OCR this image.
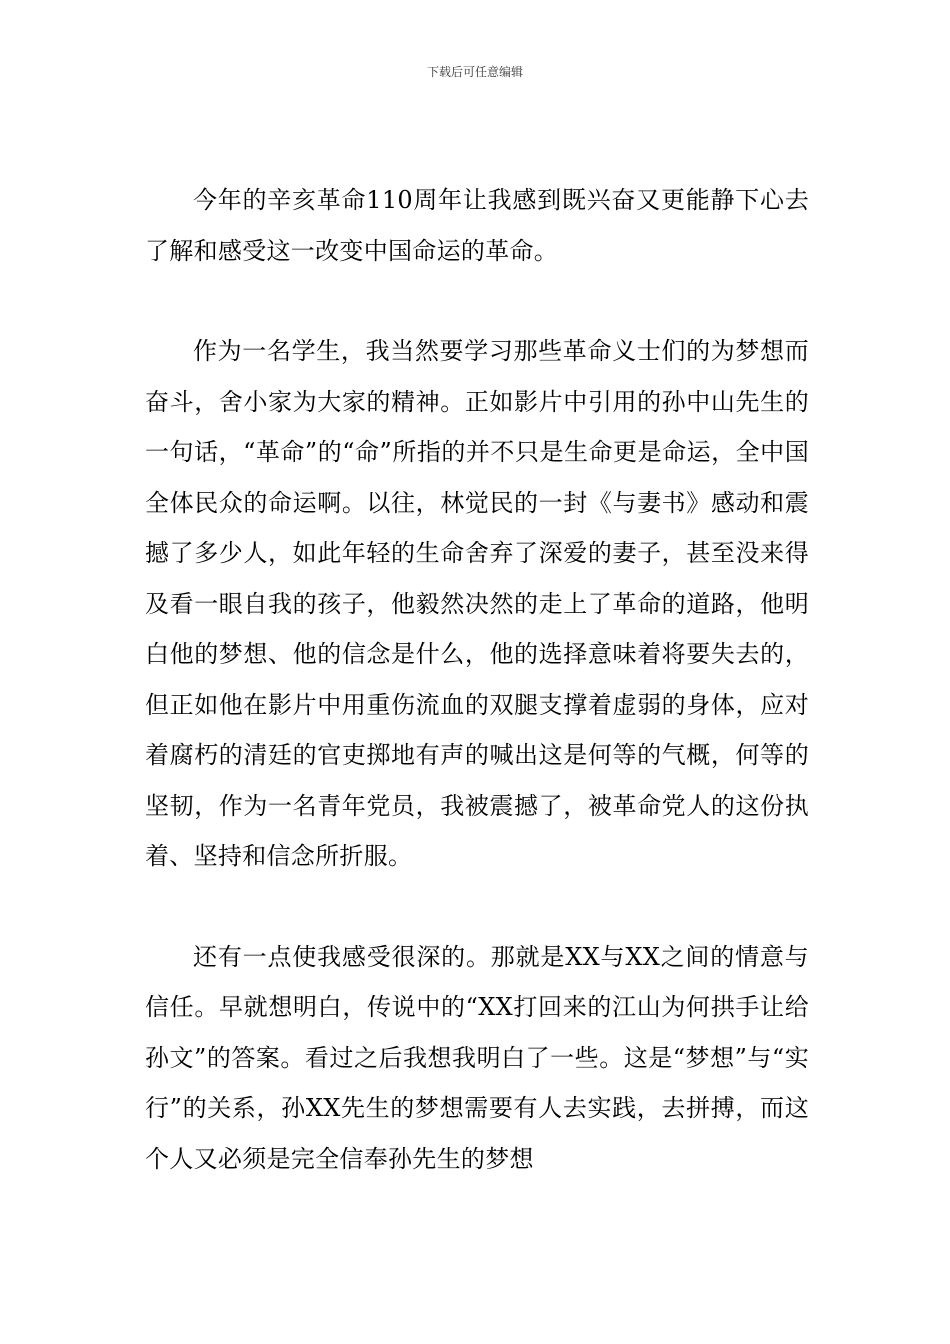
下载后可任意编辑

今年的辛亥革命110周年让我感到既兴奋又更能静下心去了解和感受这一改变中国命运的革命。

作为一名学生，我当然要学习那些革命义士们的为梦想而奋斗，舍小家为大家的精神。正如影片中引用的孙中山先生的一句话，“革命”的“命”所指的并不只是生命更是命运，全中国全体民众的命运啊。以往，林觉民的一封《与妻书》感动和震撼了多少人，如此年轻的生命舍弃了深爱的妻子，甚至没来得及看一眼自我的孩子，他毅然决然的走上了革命的道路，他明白他的梦想、他的信念是什么，他的选择意味着将要失去的，但正如他在影片中用重伤流血的双腿支撑着虚弱的身体，应对着腐朽的清廷的官吏掷地有声的喊出这是何等的气概，何等的坚韧，作为一名青年党员，我被震撼了，被革命党人的这份执着、坚持和信念所折服。

还有一点使我感受很深的。那就是XX与XX之间的情意与信任。早就想明白，传说中的“XX打回来的江山为何拱手让给孙文”的答案。看过之后我想我明白了一些。这是“梦想”与“实行”的关系，孙XX先生的梦想需要有人去实践，去拼搏，而这个人又必须是完全信奉孙先生的梦想
